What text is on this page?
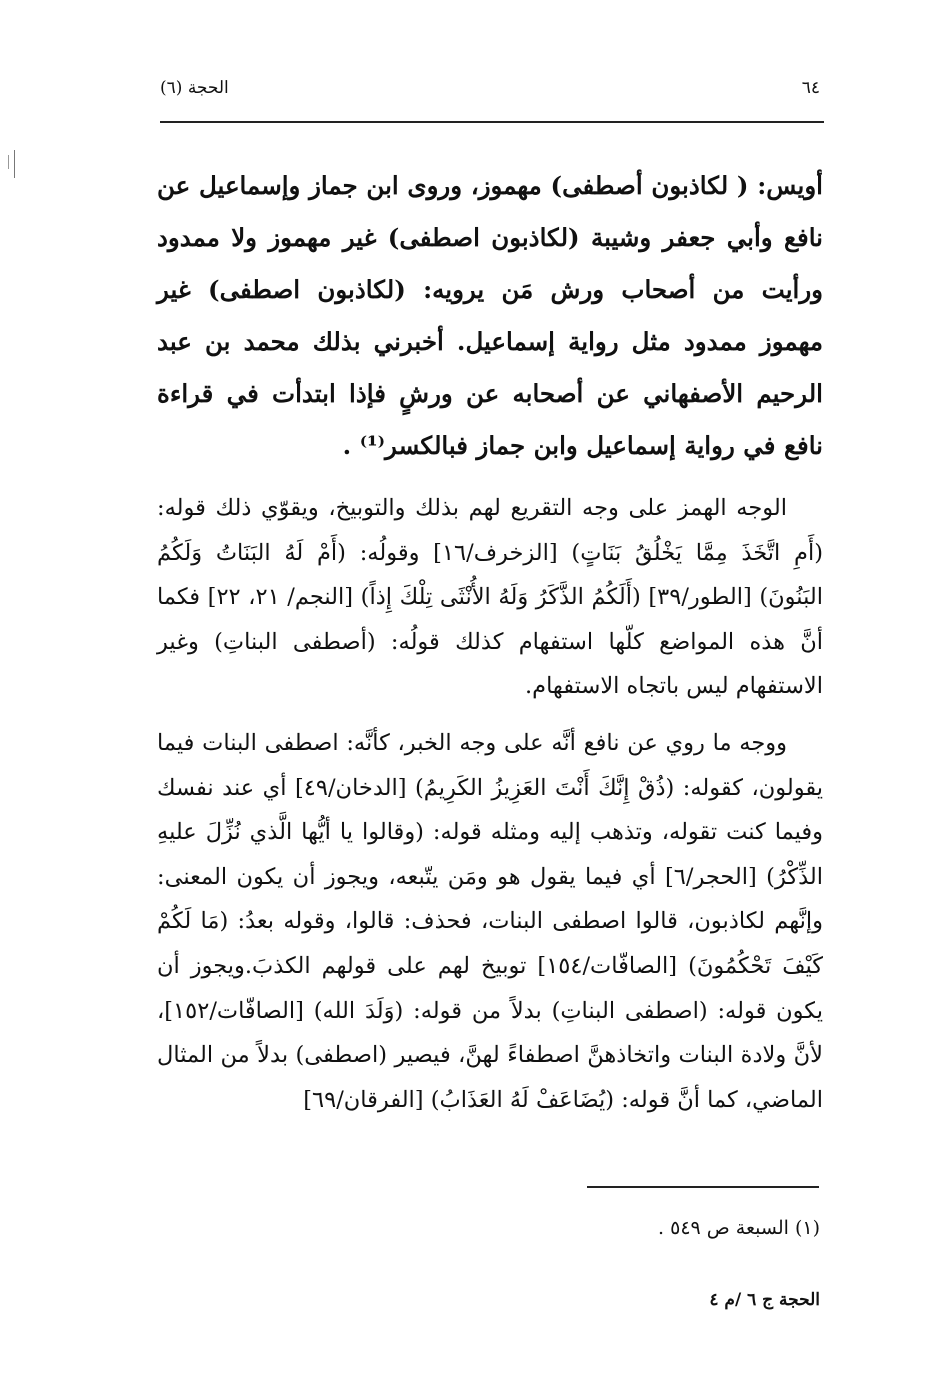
٦٤
الحجة (٦)

أويس: ( لكاذبون أصطفى) مهموز، وروى ابن جماز وإسماعيل عن نافع وأبي جعفر وشيبة (لكاذبون اصطفى) غير مهموز ولا ممدود ورأيت من أصحاب ورش مَن يرويه: (لكاذبون اصطفى) غير مهموز ممدود مثل رواية إسماعيل. أخبرني بذلك محمد بن عبد الرحيم الأصفهاني عن أصحابه عن ورشٍ فإذا ابتدأت في قراءة نافع في رواية إسماعيل وابن جماز فبالكسر⁽¹⁾ .

الوجه الهمز على وجه التقريع لهم بذلك والتوبيخ، ويقوّي ذلك قوله: (أَمِ اتَّخَذَ مِمَّا يَخْلُقُ بَنَاتٍ) [الزخرف/١٦] وقولُه: (أَمْ لَهُ البَنَاتُ وَلَكُمُ البَنُونَ) [الطور/٣٩] (أَلَكُمُ الذَّكَرُ وَلَهُ الأُنْثَى تِلْكَ إِذاً) [النجم/ ٢١، ٢٢] فكما أنَّ هذه المواضع كلّها استفهام كذلك قولُه: (أصطفى البناتِ) وغير الاستفهام ليس باتجاه الاستفهام.

ووجه ما روي عن نافع أنَّه على وجه الخبر، كأنَّه: اصطفى البنات فيما يقولون، كقوله: (ذُقْ إِنَّكَ أَنْتَ العَزِيزُ الكَرِيمُ) [الدخان/٤٩] أي عند نفسك وفيما كنت تقوله، وتذهب إليه ومثله قوله: (وقالوا يا أيُّها الَّذي نُزِّلَ عليهِ الذِّكْرُ) [الحجر/٦] أي فيما يقول هو ومَن يتّبعه، ويجوز أن يكون المعنى: وإنَّهم لكاذبون، قالوا اصطفى البنات، فحذف: قالوا، وقوله بعدُ: (مَا لَكُمْ كَيْفَ تَحْكُمُونَ) [الصافّات/١٥٤] توبيخ لهم على قولهم الكذبَ.ويجوز أن يكون قوله: (اصطفى البناتِ) بدلاً من قوله: (وَلَدَ الله) [الصافّات/١٥٢]، لأنَّ ولادة البنات واتخاذهنَّ اصطفاءً لهنَّ، فيصير (اصطفى) بدلاً من المثال الماضي، كما أنَّ قوله: (يُضَاعَفْ لَهُ العَذَابُ) [الفرقان/٦٩]

(١) السبعة ص ٥٤٩ .
الحجة ج ٦ /م ٤
